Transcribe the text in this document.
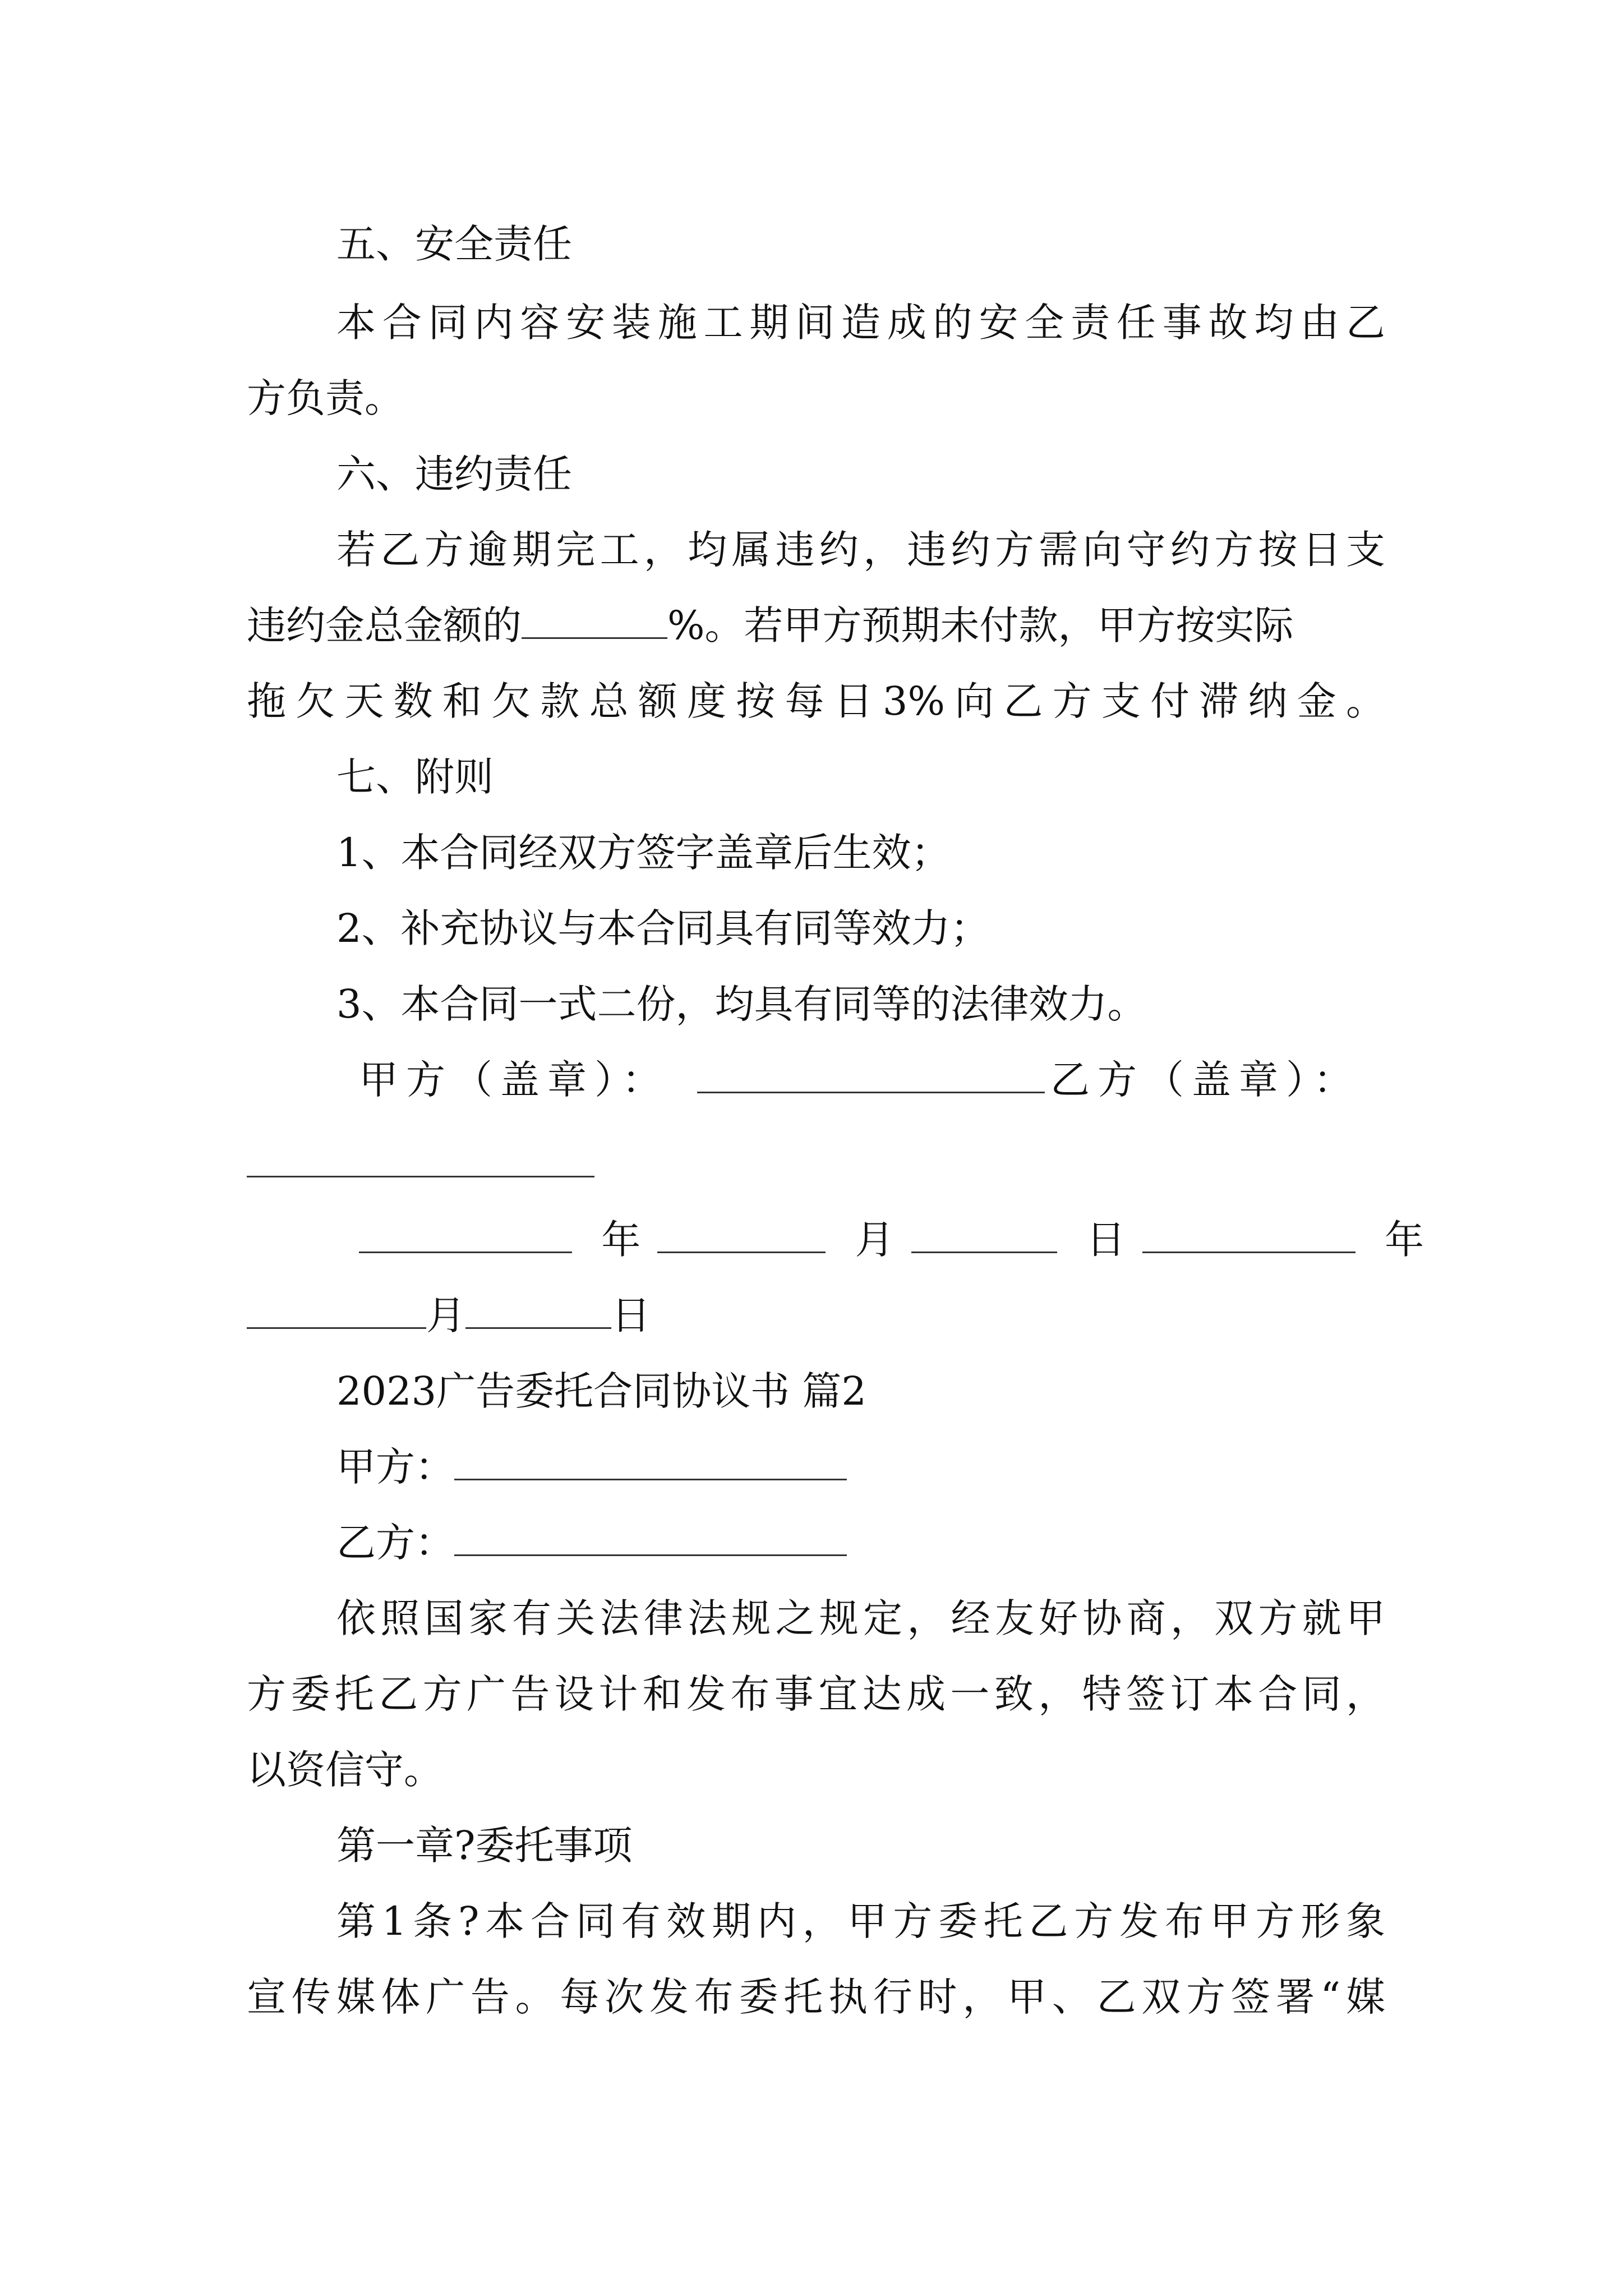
五、安全责任
本合同内容安装施工期间造成的安全责任事故均由乙
方负责。
六、违约责任
若乙方逾期完工，均属违约，违约方需向守约方按日支
违约金总金额的	%。若甲方预期未付款，甲方按实际
拖欠天数和欠款总额度按每日3%向乙方支付滞纳金。
七、附则
1、本合同经双方签字盖章后生效；
2、补充协议与本合同具有同等效力；
3、本合同一式二份，均具有同等的法律效力。
甲方（盖章）：	乙方（盖章）：
年	月	日	年
月	日
2023广告委托合同协议书 篇2
甲方：
乙方：
依照国家有关法律法规之规定，经友好协商，双方就甲
方委托乙方广告设计和发布事宜达成一致，特签订本合同，
以资信守。
第一章?委托事项
第1条?本合同有效期内，甲方委托乙方发布甲方形象
宣传媒体广告。每次发布委托执行时，甲、乙双方签署“媒
